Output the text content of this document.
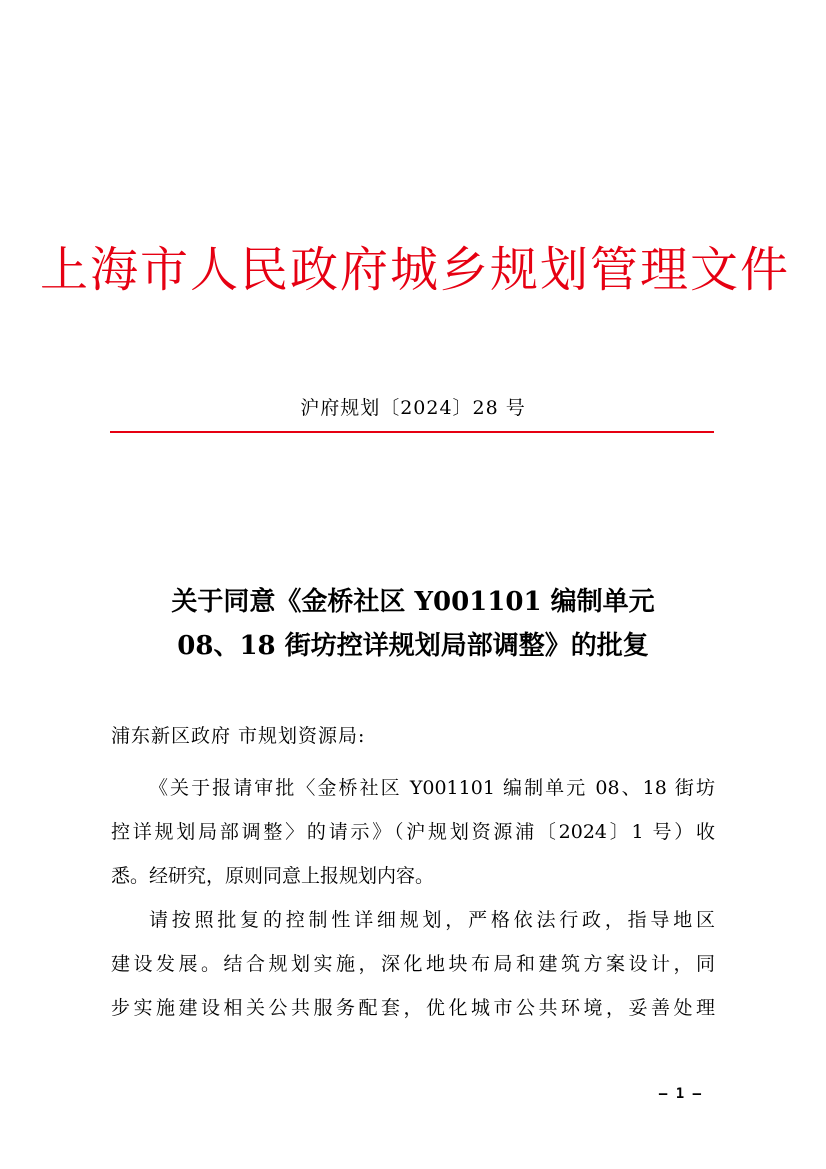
上海市人民政府城乡规划管理文件
沪府规划〔2024〕28 号
关于同意《金桥社区 Y001101 编制单元
08、18 街坊控详规划局部调整》的批复
浦东新区政府 市规划资源局:
《关于报请审批〈金桥社区 Y001101 编制单元 08、18 街坊
控详规划局部调整〉的请示》（沪规划资源浦〔2024〕1 号）收
悉。经研究，原则同意上报规划内容。
请按照批复的控制性详细规划，严格依法行政，指导地区
建设发展。结合规划实施，深化地块布局和建筑方案设计，同
步实施建设相关公共服务配套，优化城市公共环境，妥善处理
– 1 –
